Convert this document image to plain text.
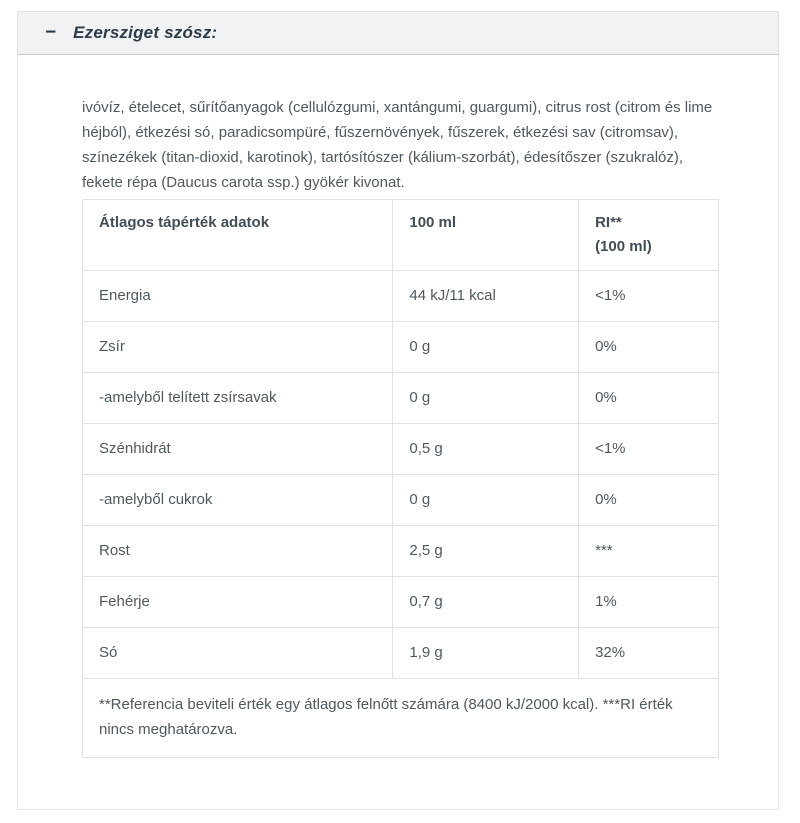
− Ezersziget szósz:

ivóvíz, ételecet, sűrítőanyagok (cellulózgumi, xantángumi, guargumi), citrus rost (citrom és lime héjból), étkezési só, paradicsompüré, fűszernövények, fűszerek, étkezési sav (citromsav), színezékek (titan-dioxid, karotinok), tartósítószer (kálium-szorbát), édesítőszer (szukralóz), fekete répa (Daucus carota ssp.) gyökér kivonat.

Átlagos tápérték adatok	100 ml	RI**
(100 ml)
Energia	44 kJ/11 kcal	<1%
Zsír	0 g	0%
-amelyből telített zsírsavak	0 g	0%
Szénhidrát	0,5 g	<1%
-amelyből cukrok	0 g	0%
Rost	2,5 g	***
Fehérje	0,7 g	1%
Só	1,9 g	32%
**Referencia beviteli érték egy átlagos felnőtt számára (8400 kJ/2000 kcal). ***RI érték nincs meghatározva.		
